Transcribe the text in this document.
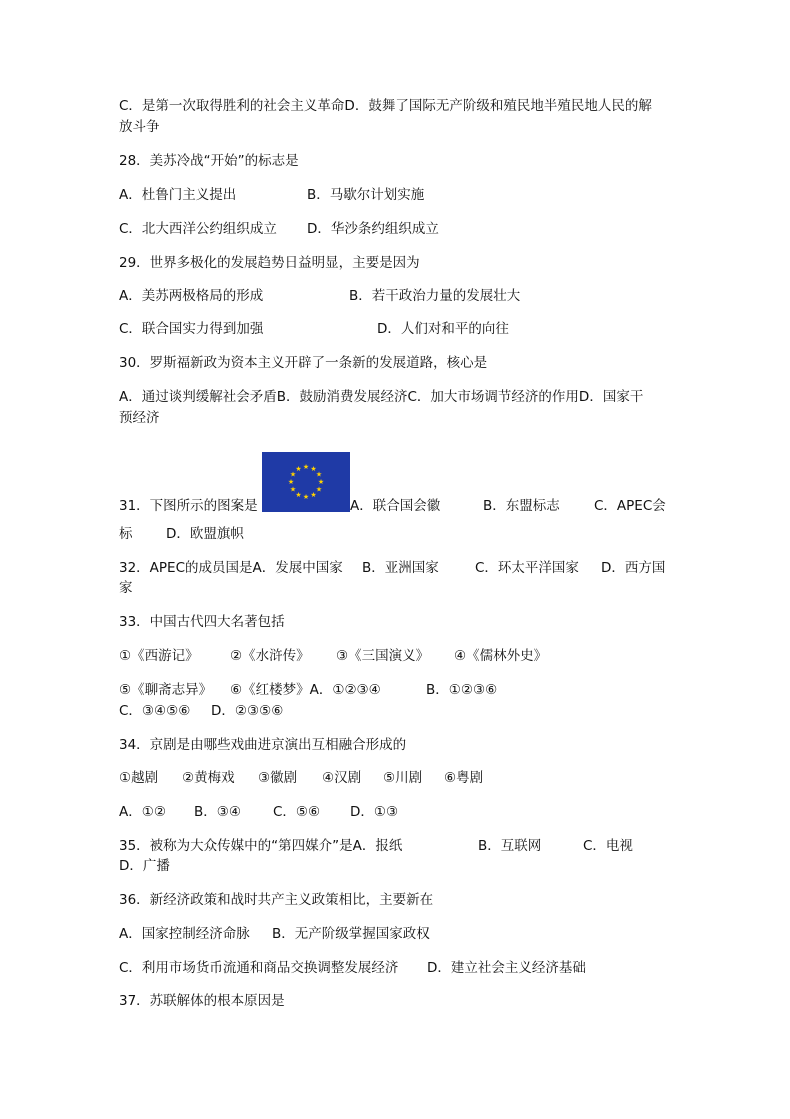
C．是第一次取得胜利的社会主义革命D．鼓舞了国际无产阶级和殖民地半殖民地人民的解
放斗争
28．美苏冷战“开始”的标志是
A．杜鲁门主义提出	B．马歇尔计划实施
C．北大西洋公约组织成立 D．华沙条约组织成立
29．世界多极化的发展趋势日益明显，主要是因为
A．美苏两极格局的形成	B．若干政治力量的发展壮大
C．联合国实力得到加强	D．人们对和平的向往
30．罗斯福新政为资本主义开辟了一条新的发展道路，核心是
A．通过谈判缓解社会矛盾B．鼓励消费发展经济C．加大市场调节经济的作用D．国家干
预经济
★ ★
★
★
★
★
★
★
★
★
★
★
31．下图所示的图案是	A．联合国会徽	B．东盟标志	C．APEC会
标 D．欧盟旗帜
32．APEC的成员国是A．发展中国家 B．亚洲国家	C．环太平洋国家 D．西方国
家
33．中国古代四大名著包括
①《西游记》 ②《水浒传》 ③《三国演义》 ④《儒林外史》
⑤《聊斋志异》 ⑥《红楼梦》A．①②③④	B．①②③⑥
C．③④⑤⑥ D．②③⑤⑥
34．京剧是由哪些戏曲进京演出互相融合形成的
①越剧 ②黄梅戏 ③徽剧 ④汉剧 ⑤川剧 ⑥粤剧
A．①② B．③④ C．⑤⑥ D．①③
35．被称为大众传媒中的“第四媒介”是A．报纸	B．互联网	C．电视
D．广播
36．新经济政策和战时共产主义政策相比，主要新在
A．国家控制经济命脉 B．无产阶级掌握国家政权
C．利用市场货币流通和商品交换调整发展经济 D．建立社会主义经济基础
37．苏联解体的根本原因是
